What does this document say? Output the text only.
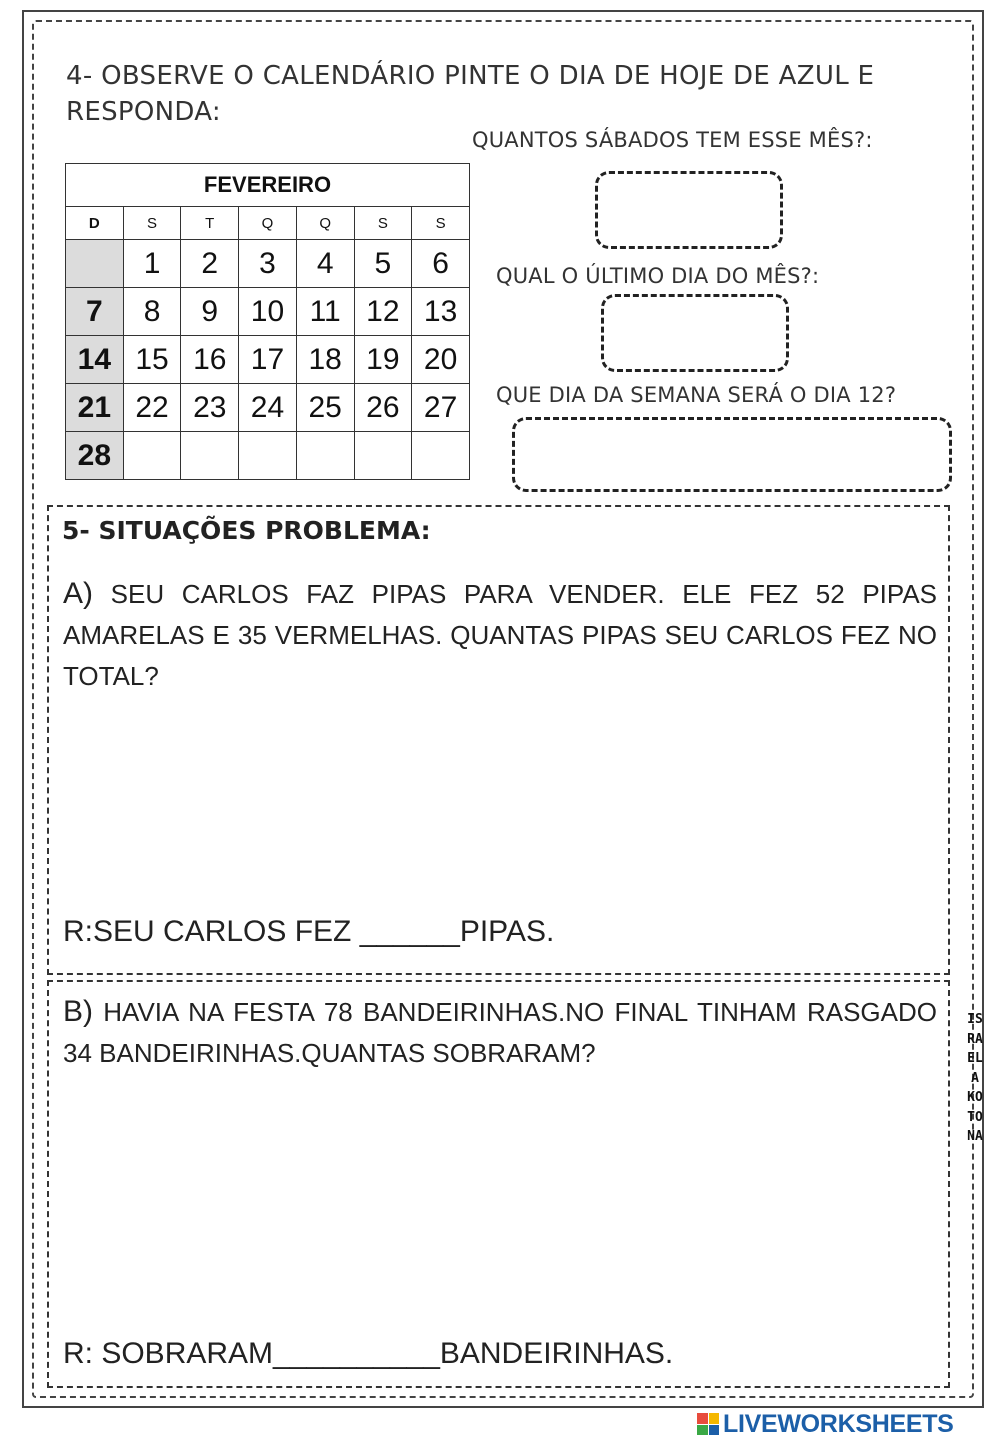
4- OBSERVE O CALENDÁRIO PINTE O DIA DE HOJE DE AZUL E RESPONDA:
FEVEREIRO						
D	S	T	Q	Q	S	S
	1	2	3	4	5	6
7	8	9	10	11	12	13
14	15	16	17	18	19	20
21	22	23	24	25	26	27
28						
QUANTOS SÁBADOS TEM ESSE MÊS?:
QUAL O ÚLTIMO DIA DO MÊS?:
QUE DIA DA SEMANA SERÁ O DIA 12?
5- SITUAÇÕES PROBLEMA:
A) SEU CARLOS FAZ PIPAS PARA VENDER. ELE FEZ 52 PIPAS AMARELAS E 35 VERMELHAS. QUANTAS PIPAS SEU CARLOS FEZ NO TOTAL?
R:SEU CARLOS FEZ ______PIPAS.
B) HAVIA NA FESTA 78 BANDEIRINHAS.NO FINAL TINHAM RASGADO 34 BANDEIRINHAS.QUANTAS SOBRARAM?
R: SOBRARAM__________BANDEIRINHAS.
ISRAELA KOTONA
LIVEWORKSHEETS
